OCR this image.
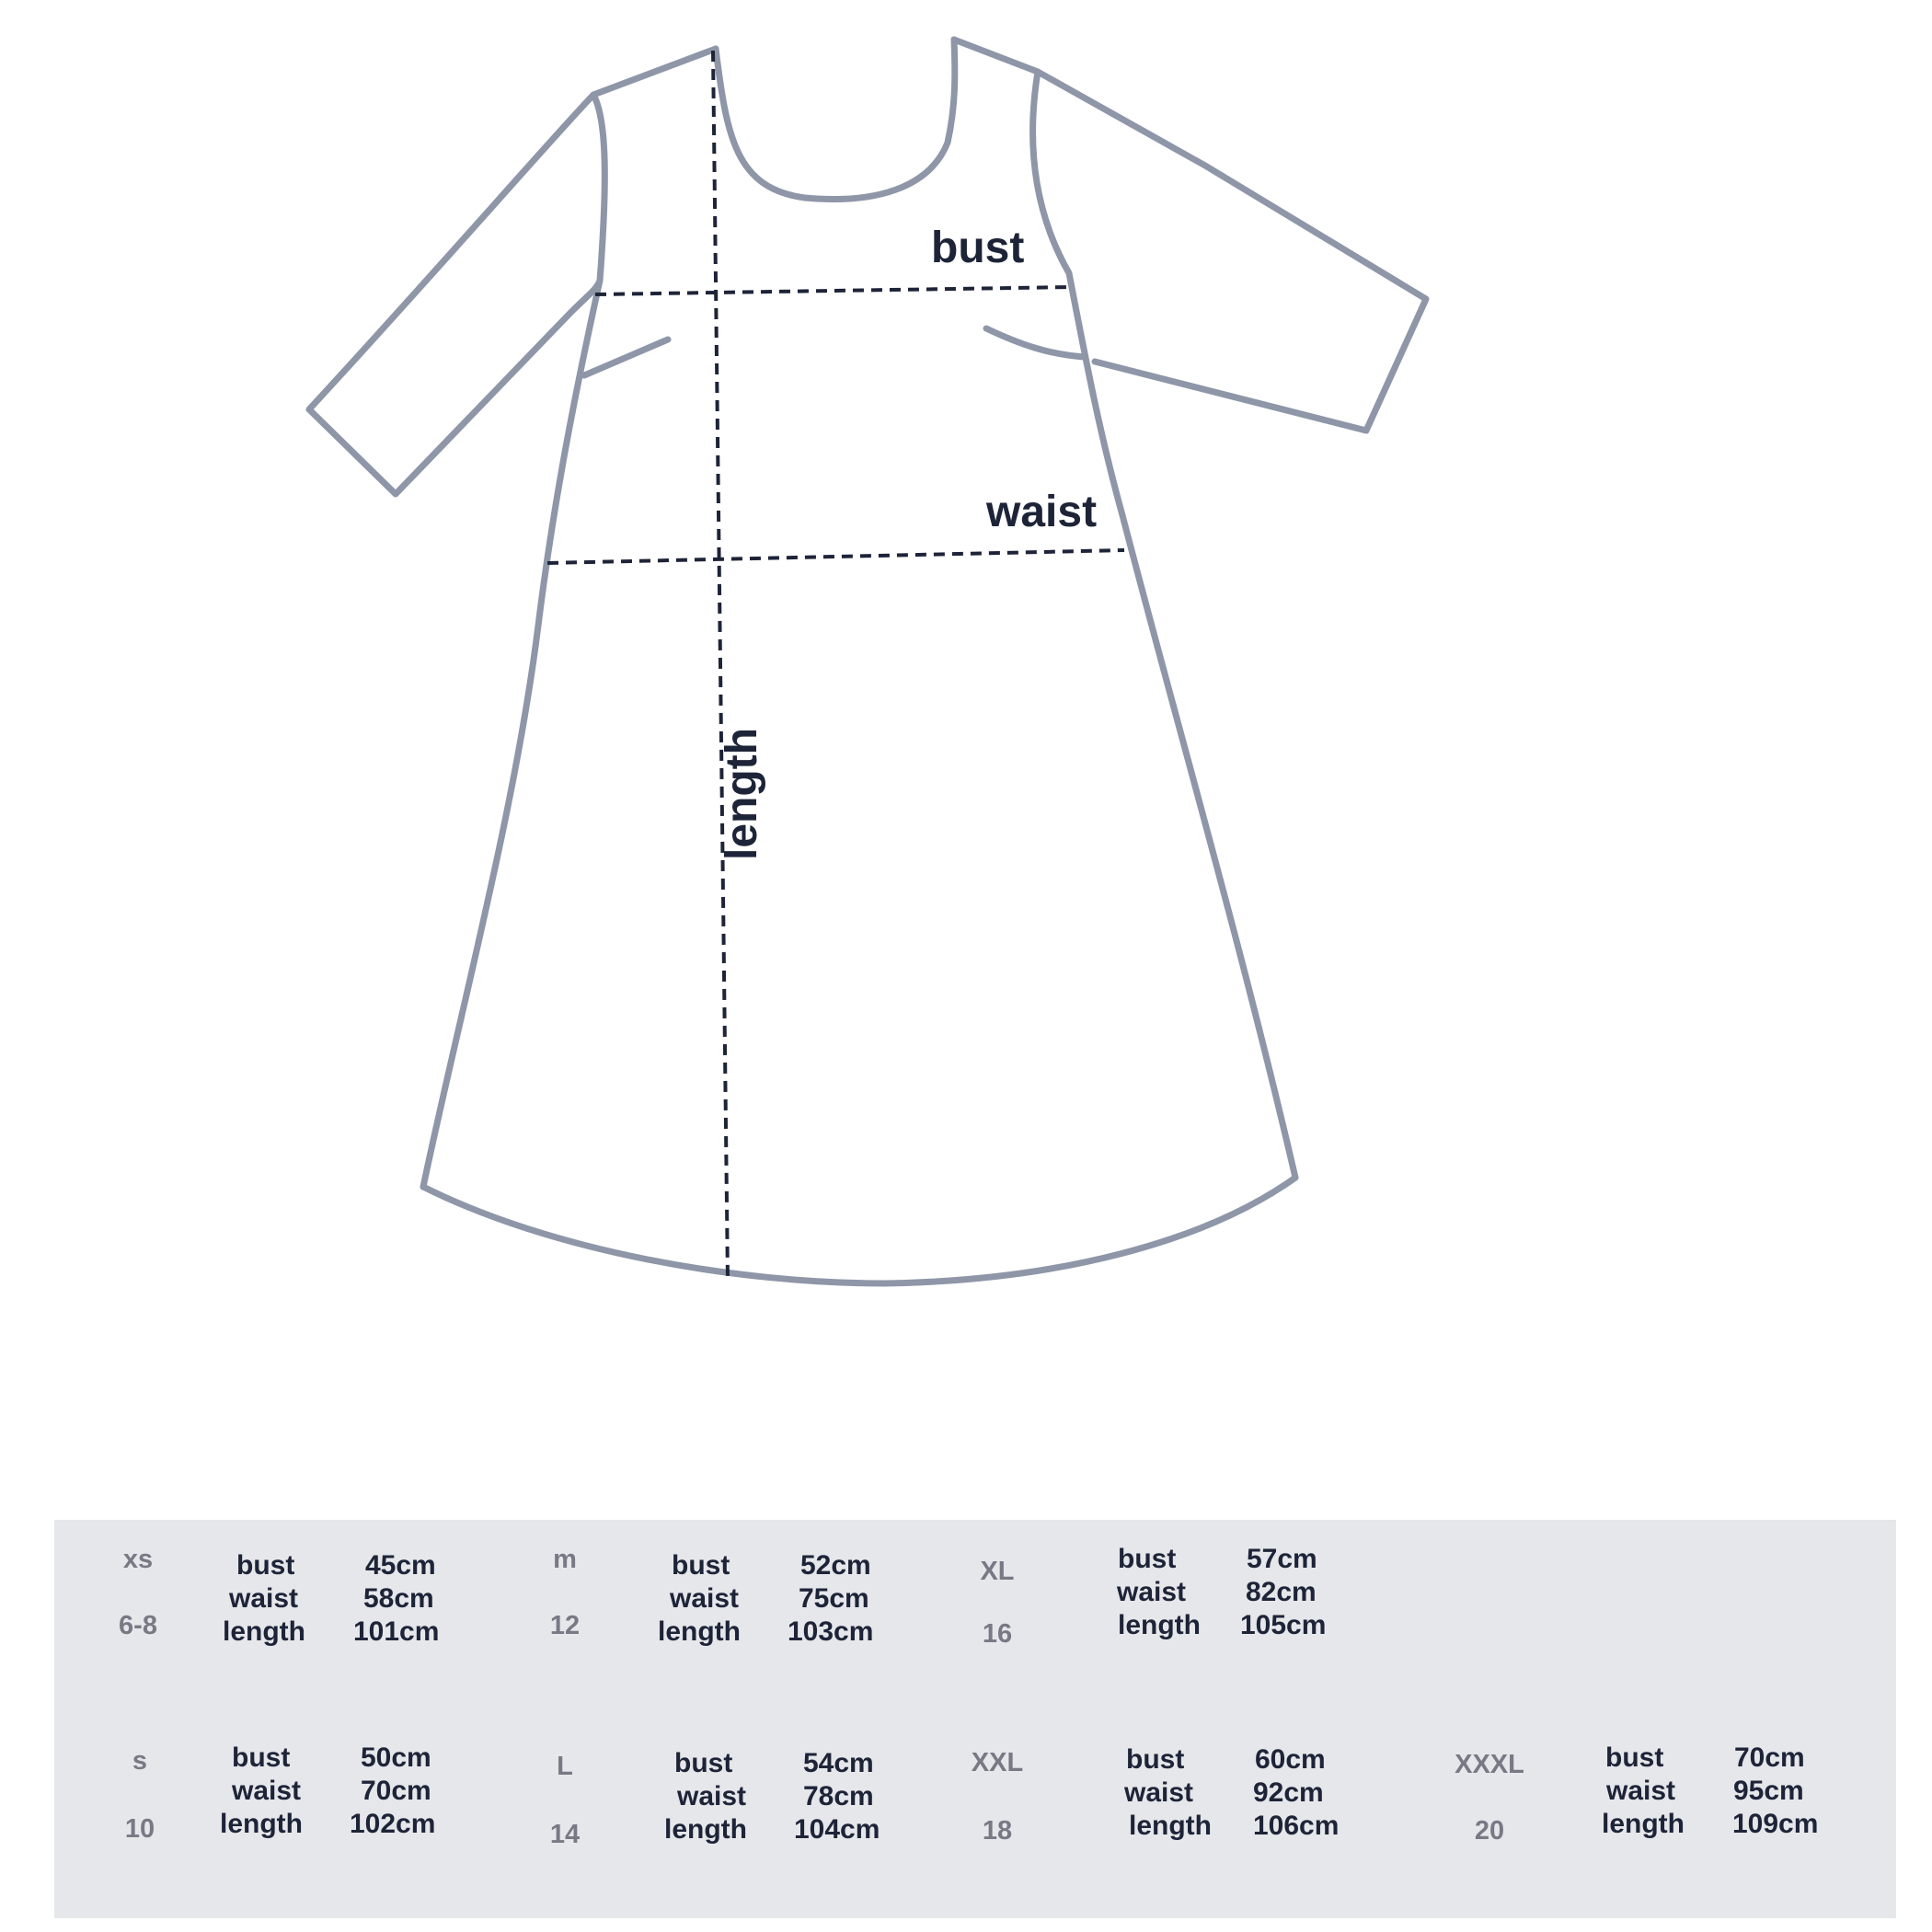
bust
waist
length
xs
6-8
bust	45cm
waist 58cm
length 101cm
m
12
bust	52cm
waist 75cm
length 103cm
XL
16
bust	57cm
waist 82cm
length 105cm
s
10
bust	50cm
waist 70cm
length 102cm
L
14
bust	54cm
waist 78cm
length 104cm
XXL
18
bust	60cm
waist 92cm
length 106cm
XXXL
20
bust	70cm
waist 95cm
length 109cm
